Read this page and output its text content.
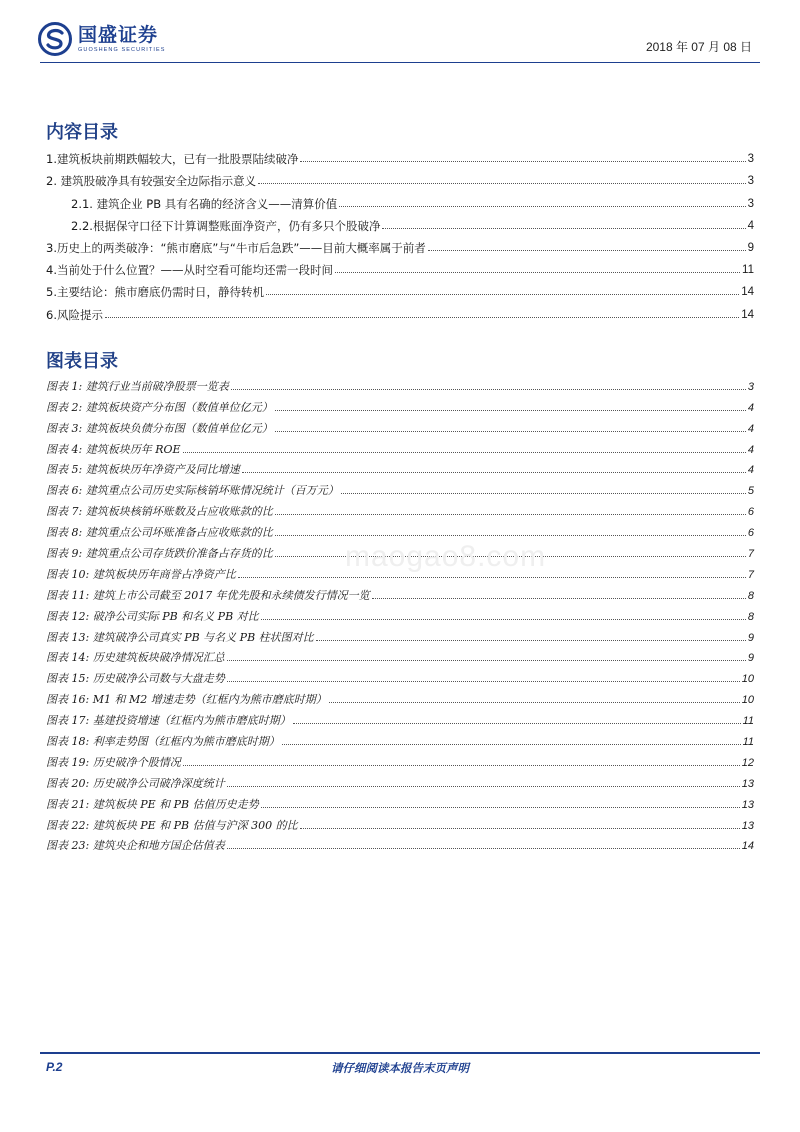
国盛证券
GUOSHENG SECURITIES	2018 年 07 月 08 日
内容目录
1.建筑板块前期跌幅较大，已有一批股票陆续破净	3
2. 建筑股破净具有较强安全边际指示意义	3
2.1. 建筑企业 PB 具有名确的经济含义——清算价值	3
2.2.根据保守口径下计算调整账面净资产，仍有多只个股破净	4
3.历史上的两类破净：“熊市磨底”与“牛市后急跌”——目前大概率属于前者	9
4.当前处于什么位置？——从时空看可能均还需一段时间	11
5.主要结论：熊市磨底仍需时日，静待转机	14
6.风险提示	14
图表目录
图表 1: 建筑行业当前破净股票一览表	3
图表 2: 建筑板块资产分布图（数值单位亿元）	4
图表 3: 建筑板块负债分布图（数值单位亿元）	4
图表 4: 建筑板块历年 ROE	4
图表 5: 建筑板块历年净资产及同比增速	4
图表 6: 建筑重点公司历史实际核销坏账情况统计（百万元）	5
图表 7: 建筑板块核销坏账数及占应收账款的比	6
图表 8: 建筑重点公司坏账准备占应收账款的比	6
图表 9: 建筑重点公司存货跌价准备占存货的比	7
图表 10: 建筑板块历年商誉占净资产比	7
图表 11: 建筑上市公司截至 2017 年优先股和永续债发行情况一览	8
图表 12: 破净公司实际 PB 和名义 PB 对比	8
图表 13: 建筑破净公司真实 PB 与名义 PB 柱状图对比	9
图表 14: 历史建筑板块破净情况汇总	9
图表 15: 历史破净公司数与大盘走势	10
图表 16: M1 和 M2 增速走势（红框内为熊市磨底时期）	10
图表 17: 基建投资增速（红框内为熊市磨底时期）	11
图表 18: 利率走势图（红框内为熊市磨底时期）	11
图表 19: 历史破净个股情况	12
图表 20: 历史破净公司破净深度统计	13
图表 21: 建筑板块 PE 和 PB 估值历史走势	13
图表 22: 建筑板块 PE 和 PB 估值与沪深 300 的比	13
图表 23: 建筑央企和地方国企估值表	14
maogao8.com
请仔细阅读本报告末页声明
P.2
